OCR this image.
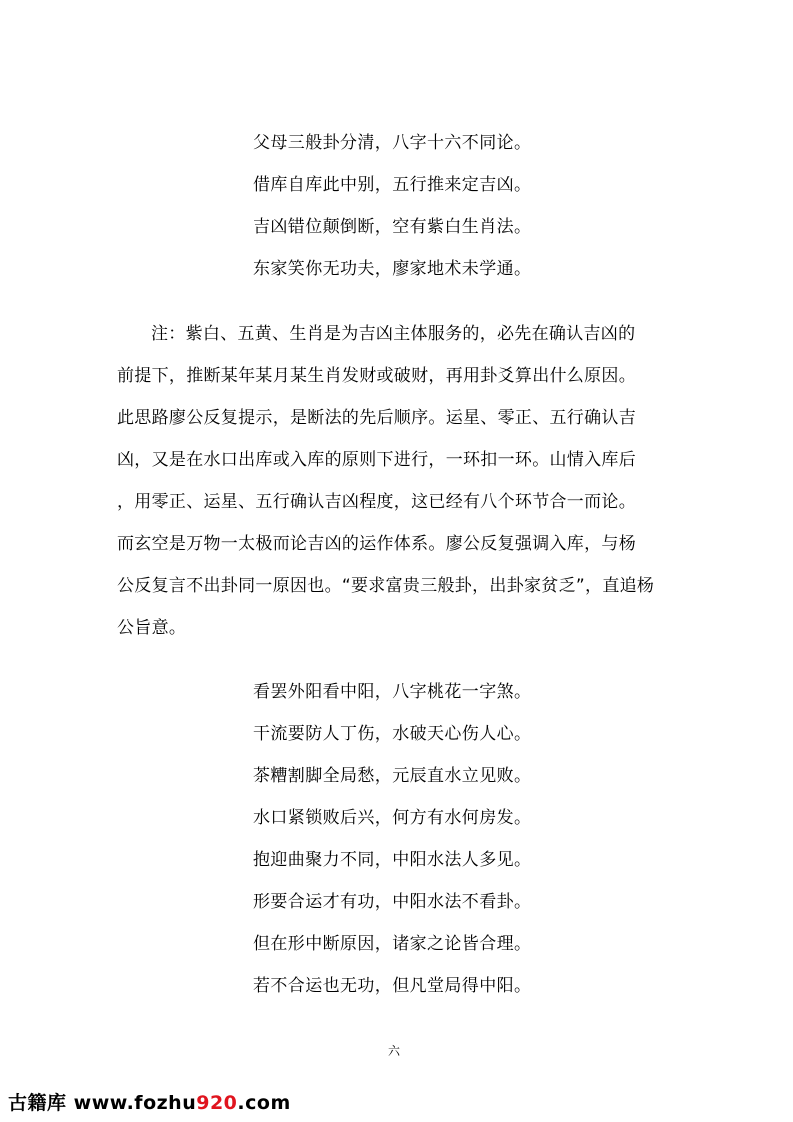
父母三般卦分清，八字十六不同论。

借库自库此中别，五行推来定吉凶。

吉凶错位颠倒断，空有紫白生肖法。

东家笑你无功夫，廖家地术未学通。

注：紫白、五黄、生肖是为吉凶主体服务的，必先在确认吉凶的

前提下，推断某年某月某生肖发财或破财，再用卦爻算出什么原因。

此思路廖公反复提示，是断法的先后顺序。运星、零正、五行确认吉

凶，又是在水口出库或入库的原则下进行，一环扣一环。山情入库后

，用零正、运星、五行确认吉凶程度，这已经有八个环节合一而论。

而玄空是万物一太极而论吉凶的运作体系。廖公反复强调入库，与杨

公反复言不出卦同一原因也。“要求富贵三般卦，出卦家贫乏”，直追杨

公旨意。

看罢外阳看中阳，八字桃花一字煞。

干流要防人丁伤，水破天心伤人心。

茶糟割脚全局愁，元辰直水立见败。

水口紧锁败后兴，何方有水何房发。

抱迎曲聚力不同，中阳水法人多见。

形要合运才有功，中阳水法不看卦。

但在形中断原因，诸家之论皆合理。

若不合运也无功，但凡堂局得中阳。

六
古籍库 www.fozhu920.com
